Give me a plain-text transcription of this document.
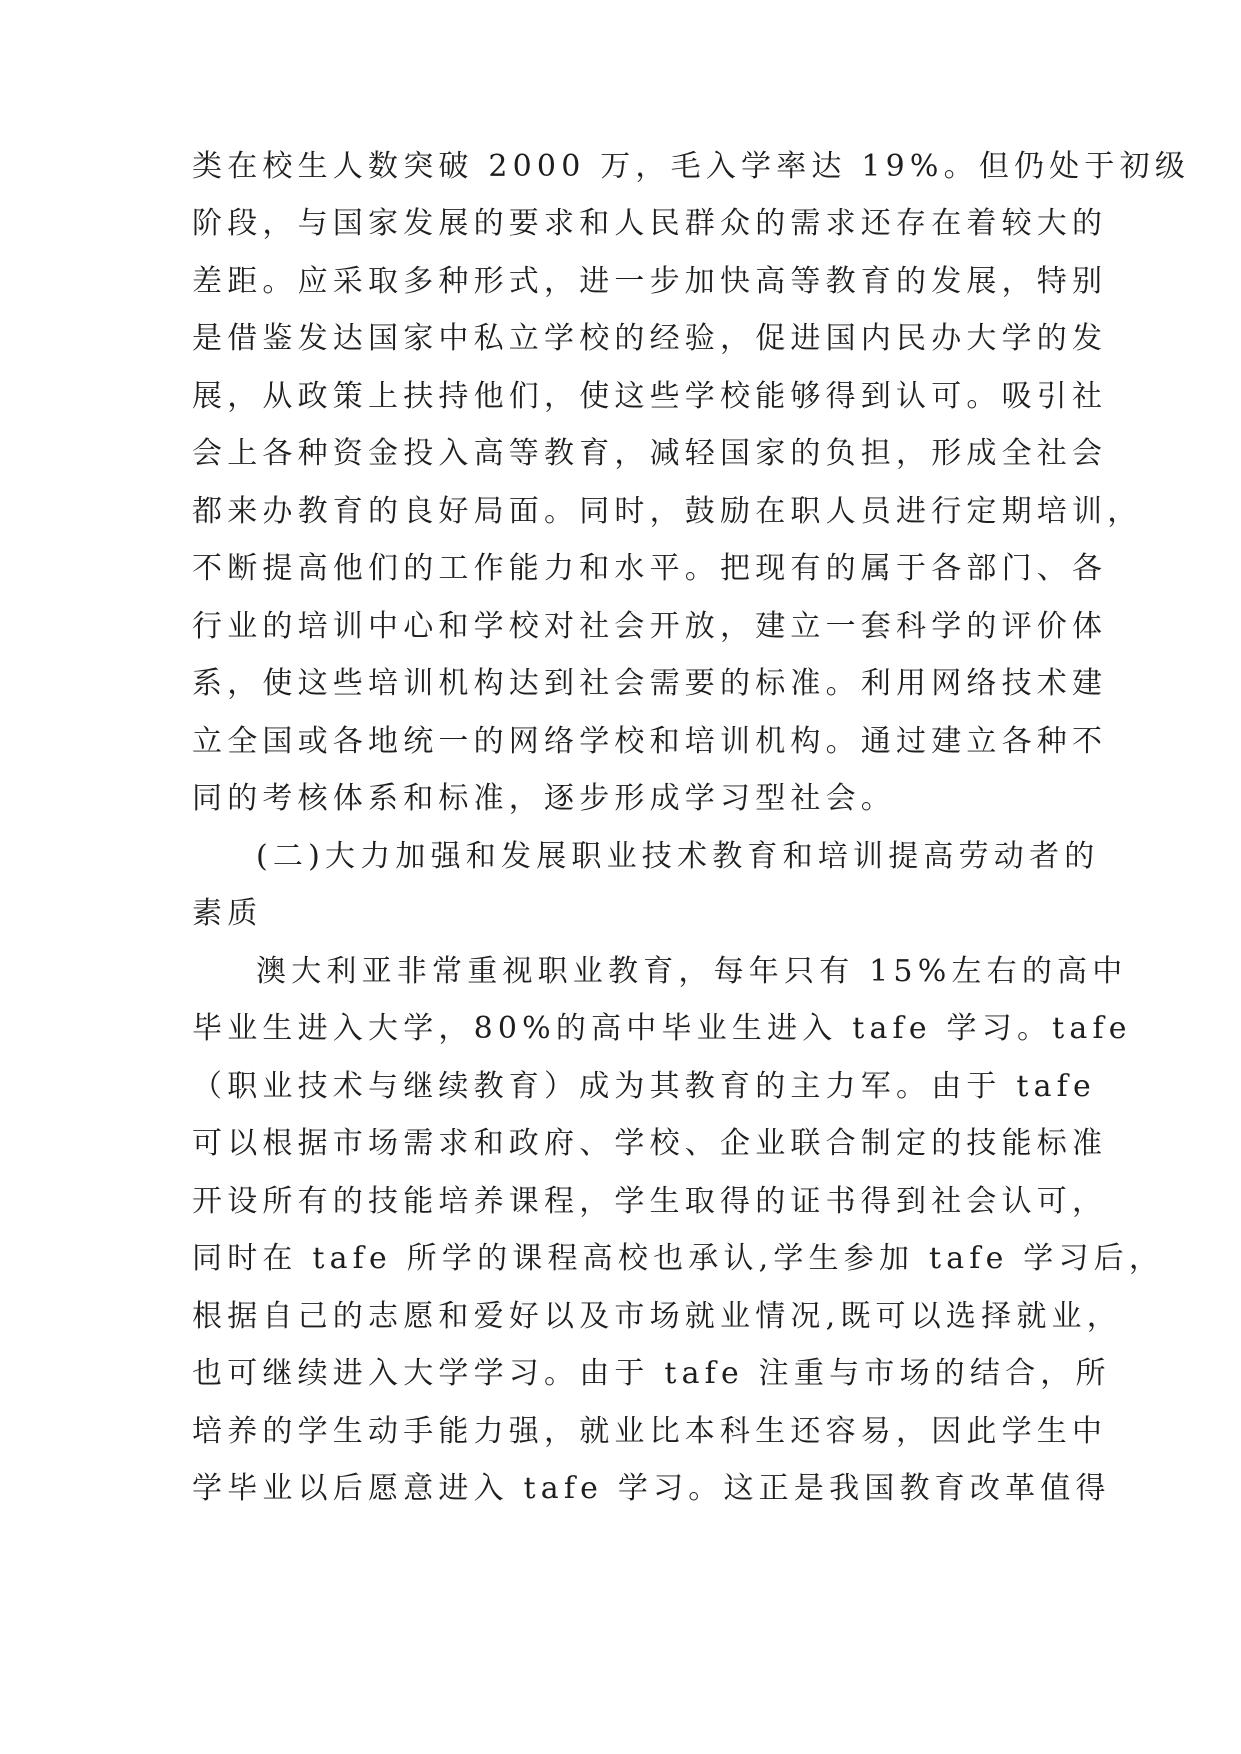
类在校生人数突破 2000 万，毛入学率达 19%。但仍处于初级
阶段，与国家发展的要求和人民群众的需求还存在着较大的
差距。应采取多种形式，进一步加快高等教育的发展，特别
是借鉴发达国家中私立学校的经验，促进国内民办大学的发
展，从政策上扶持他们，使这些学校能够得到认可。吸引社
会上各种资金投入高等教育，减轻国家的负担，形成全社会
都来办教育的良好局面。同时，鼓励在职人员进行定期培训，
不断提高他们的工作能力和水平。把现有的属于各部门、各
行业的培训中心和学校对社会开放，建立一套科学的评价体
系，使这些培训机构达到社会需要的标准。利用网络技术建
立全国或各地统一的网络学校和培训机构。通过建立各种不
同的考核体系和标准，逐步形成学习型社会。
(二)大力加强和发展职业技术教育和培训提高劳动者的
素质
澳大利亚非常重视职业教育，每年只有 15%左右的高中
毕业生进入大学，80%的高中毕业生进入 tafe 学习。tafe
（职业技术与继续教育）成为其教育的主力军。由于 tafe
可以根据市场需求和政府、学校、企业联合制定的技能标准
开设所有的技能培养课程，学生取得的证书得到社会认可，
同时在 tafe 所学的课程高校也承认,学生参加 tafe 学习后，
根据自己的志愿和爱好以及市场就业情况,既可以选择就业，
也可继续进入大学学习。由于 tafe 注重与市场的结合，所
培养的学生动手能力强，就业比本科生还容易，因此学生中
学毕业以后愿意进入 tafe 学习。这正是我国教育改革值得
